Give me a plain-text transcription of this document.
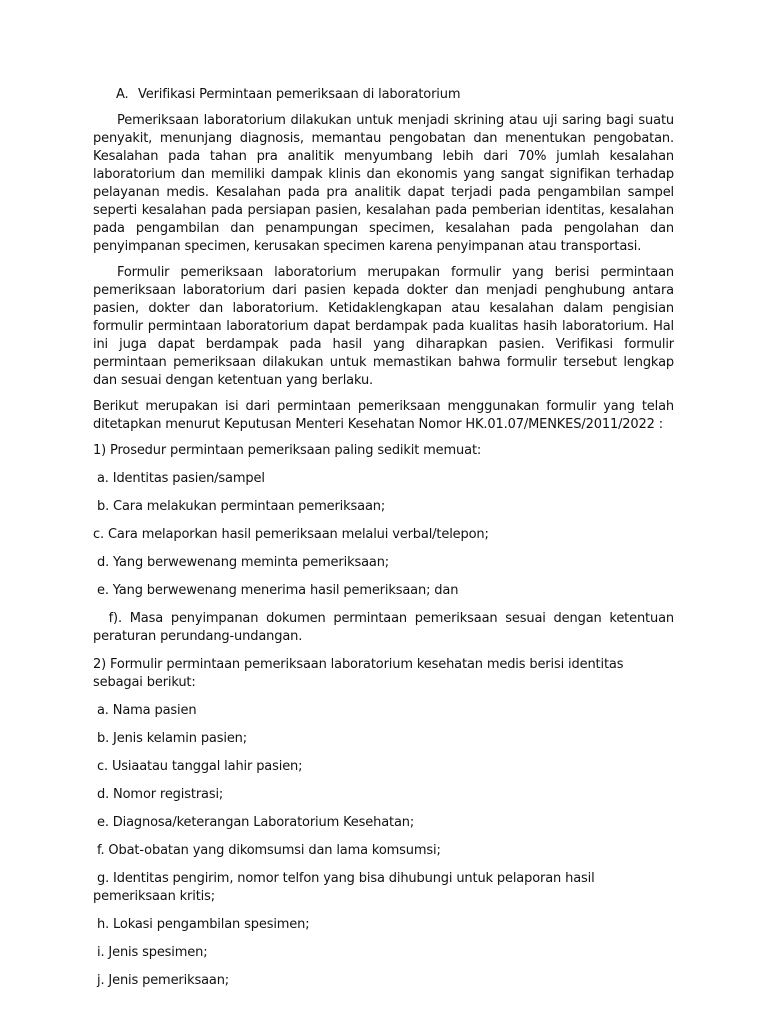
A. Verifikasi Permintaan pemeriksaan di laboratorium

Pemeriksaan laboratorium dilakukan untuk menjadi skrining atau uji saring bagi suatu penyakit, menunjang diagnosis, memantau pengobatan dan menentukan pengobatan. Kesalahan pada tahan pra analitik menyumbang lebih dari 70% jumlah kesalahan laboratorium dan memiliki dampak klinis dan ekonomis yang sangat signifikan terhadap pelayanan medis. Kesalahan pada pra analitik dapat terjadi pada pengambilan sampel seperti kesalahan pada persiapan pasien, kesalahan pada pemberian identitas, kesalahan pada pengambilan dan penampungan specimen, kesalahan pada pengolahan dan penyimpanan specimen, kerusakan specimen karena penyimpanan atau transportasi.

Formulir pemeriksaan laboratorium merupakan formulir yang berisi permintaan pemeriksaan laboratorium dari pasien kepada dokter dan menjadi penghubung antara pasien, dokter dan laboratorium. Ketidaklengkapan atau kesalahan dalam pengisian formulir permintaan laboratorium dapat berdampak pada kualitas hasih laboratorium. Hal ini juga dapat berdampak pada hasil yang diharapkan pasien. Verifikasi formulir permintaan pemeriksaan dilakukan untuk memastikan bahwa formulir tersebut lengkap dan sesuai dengan ketentuan yang berlaku.

Berikut merupakan isi dari permintaan pemeriksaan menggunakan formulir yang telah ditetapkan menurut Keputusan Menteri Kesehatan Nomor HK.01.07/MENKES/2011/2022 :

1) Prosedur permintaan pemeriksaan paling sedikit memuat:

a. Identitas pasien/sampel

b. Cara melakukan permintaan pemeriksaan;

c. Cara melaporkan hasil pemeriksaan melalui verbal/telepon;

d. Yang berwewenang meminta pemeriksaan;

e. Yang berwewenang menerima hasil pemeriksaan; dan

f). Masa penyimpanan dokumen permintaan pemeriksaan sesuai dengan ketentuan peraturan perundang-undangan.

2) Formulir permintaan pemeriksaan laboratorium kesehatan medis berisi identitas sebagai berikut:

a. Nama pasien

b. Jenis kelamin pasien;

c. Usiaatau tanggal lahir pasien;

d. Nomor registrasi;

e. Diagnosa/keterangan Laboratorium Kesehatan;

f. Obat-obatan yang dikomsumsi dan lama komsumsi;

g. Identitas pengirim, nomor telfon yang bisa dihubungi untuk pelaporan hasil pemeriksaan kritis;

h. Lokasi pengambilan spesimen;

i. Jenis spesimen;

j. Jenis pemeriksaan;
